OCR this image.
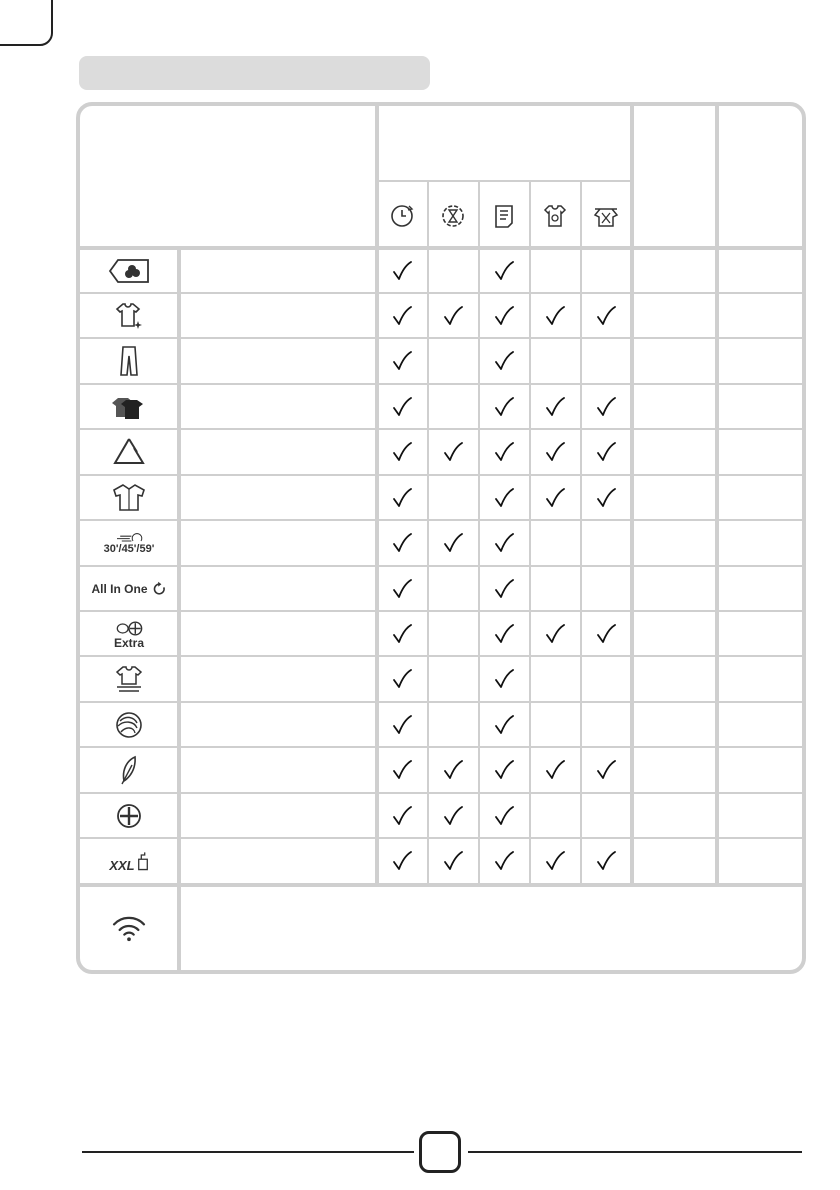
30'/45'/59'
All In One
Extra
XXL
